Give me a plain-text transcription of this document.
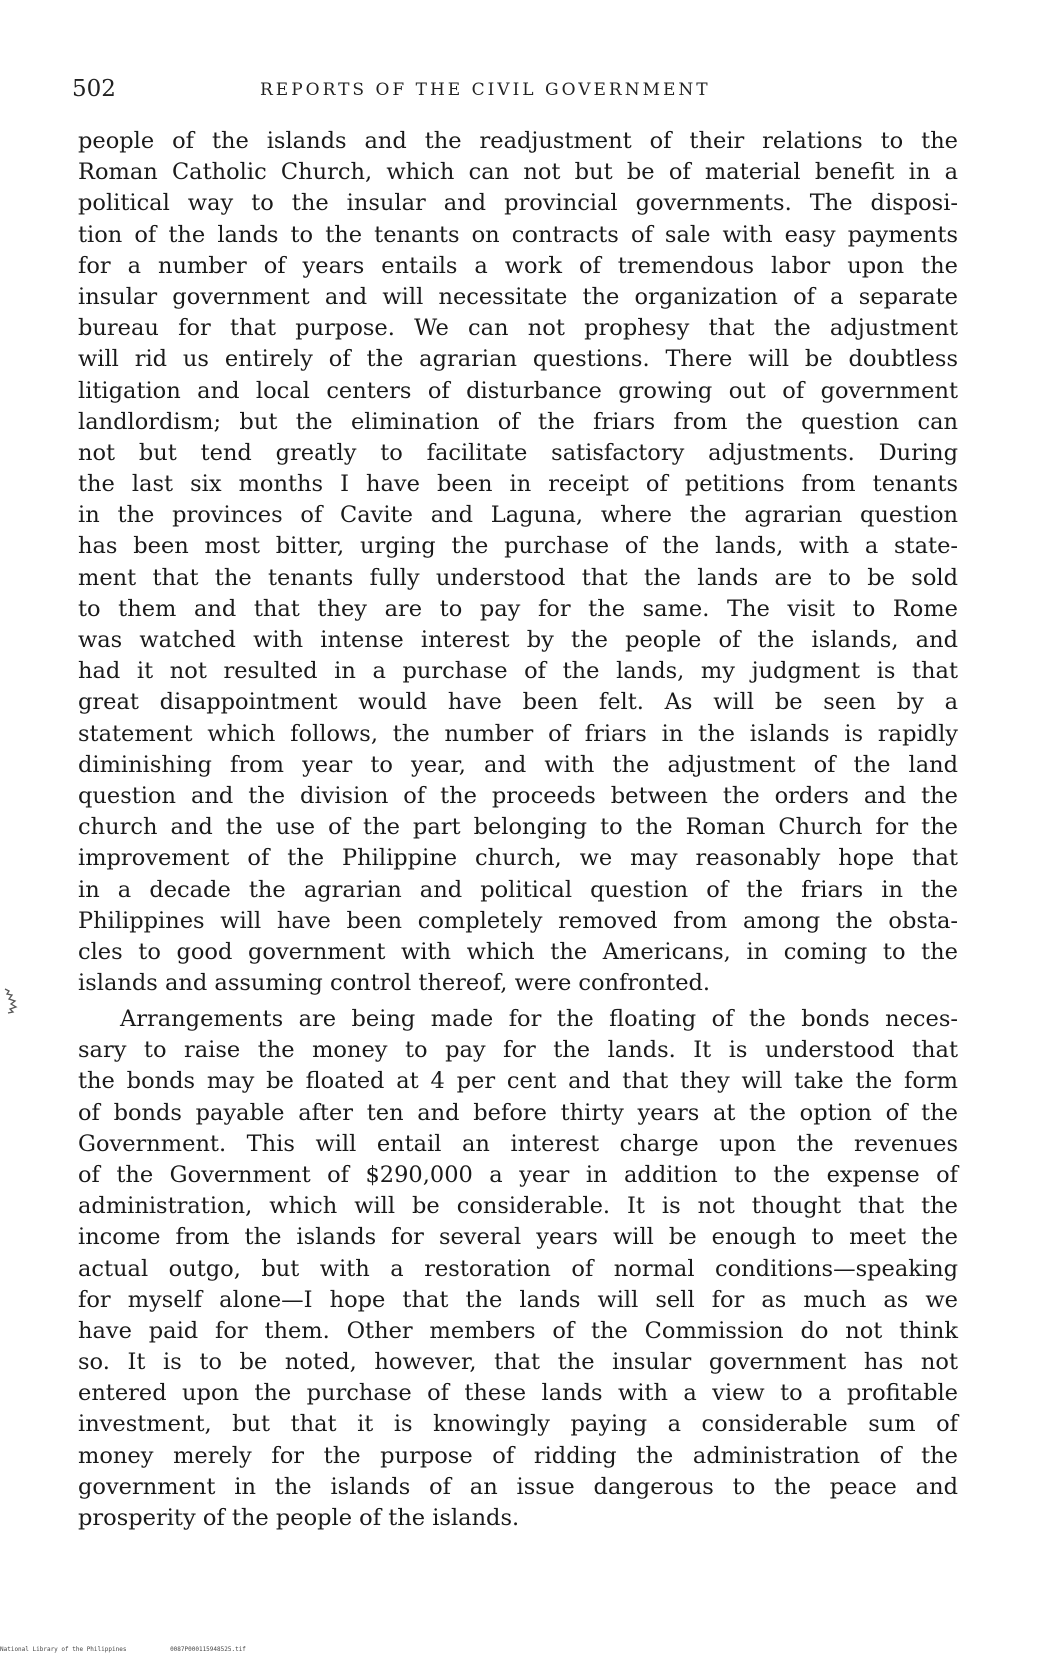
502	REPORTS OF THE CIVIL GOVERNMENT
people of the islands and the readjustment of their relations to the
Roman Catholic Church, which can not but be of material benefit in a
political way to the insular and provincial governments. The disposi-
tion of the lands to the tenants on contracts of sale with easy payments
for a number of years entails a work of tremendous labor upon the
insular government and will necessitate the organization of a separate
bureau for that purpose. We can not prophesy that the adjustment
will rid us entirely of the agrarian questions. There will be doubtless
litigation and local centers of disturbance growing out of government
landlordism; but the elimination of the friars from the question can
not but tend greatly to facilitate satisfactory adjustments. During
the last six months I have been in receipt of petitions from tenants
in the provinces of Cavite and Laguna, where the agrarian question
has been most bitter, urging the purchase of the lands, with a state-
ment that the tenants fully understood that the lands are to be sold
to them and that they are to pay for the same. The visit to Rome
was watched with intense interest by the people of the islands, and
had it not resulted in a purchase of the lands, my judgment is that
great disappointment would have been felt. As will be seen by a
statement which follows, the number of friars in the islands is rapidly
diminishing from year to year, and with the adjustment of the land
question and the division of the proceeds between the orders and the
church and the use of the part belonging to the Roman Church for the
improvement of the Philippine church, we may reasonably hope that
in a decade the agrarian and political question of the friars in the
Philippines will have been completely removed from among the obsta-
cles to good government with which the Americans, in coming to the
islands and assuming control thereof, were confronted.
Arrangements are being made for the floating of the bonds neces-
sary to raise the money to pay for the lands. It is understood that
the bonds may be floated at 4 per cent and that they will take the form
of bonds payable after ten and before thirty years at the option of the
Government. This will entail an interest charge upon the revenues
of the Government of $290,000 a year in addition to the expense of
administration, which will be considerable. It is not thought that the
income from the islands for several years will be enough to meet the
actual outgo, but with a restoration of normal conditions—speaking
for myself alone—I hope that the lands will sell for as much as we
have paid for them. Other members of the Commission do not think
so. It is to be noted, however, that the insular government has not
entered upon the purchase of these lands with a view to a profitable
investment, but that it is knowingly paying a considerable sum of
money merely for the purpose of ridding the administration of the
government in the islands of an issue dangerous to the peace and
prosperity of the people of the islands.
National Library of the Philippines	0087P000115948525.tif
